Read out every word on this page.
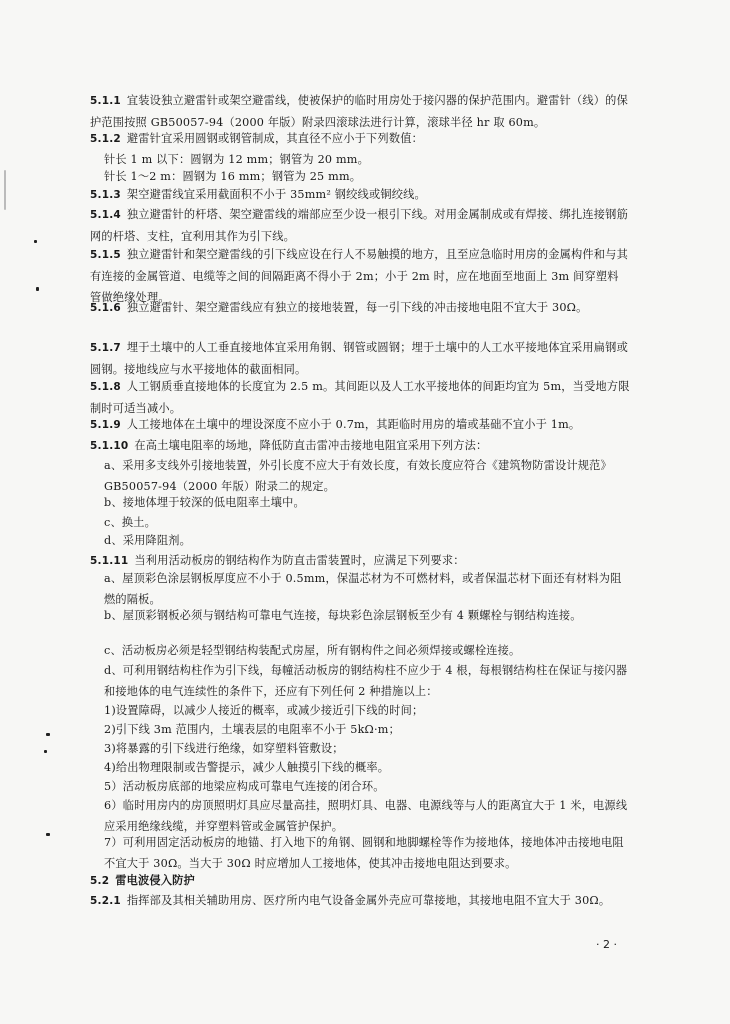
5.1.1 宜装设独立避雷针或架空避雷线，使被保护的临时用房处于接闪器的保护范围内。避雷针（线）的保护范围按照 GB50057-94（2000 年版）附录四滚球法进行计算，滚球半径 hr 取 60m。
5.1.2 避雷针宜采用圆钢或钢管制成，其直径不应小于下列数值：
针长 1 m 以下：圆钢为 12 mm；钢管为 20 mm。
针长 1～2 m：圆钢为 16 mm；钢管为 25 mm。
5.1.3 架空避雷线宜采用截面积不小于 35mm² 钢绞线或铜绞线。
5.1.4 独立避雷针的杆塔、架空避雷线的端部应至少设一根引下线。对用金属制成或有焊接、绑扎连接钢筋网的杆塔、支柱，宜利用其作为引下线。
5.1.5 独立避雷针和架空避雷线的引下线应设在行人不易触摸的地方，且至应急临时用房的金属构件和与其有连接的金属管道、电缆等之间的间隔距离不得小于 2m；小于 2m 时，应在地面至地面上 3m 间穿塑料管做绝缘处理。
5.1.6 独立避雷针、架空避雷线应有独立的接地装置，每一引下线的冲击接地电阻不宜大于 30Ω。
5.1.7 埋于土壤中的人工垂直接地体宜采用角钢、钢管或圆钢；埋于土壤中的人工水平接地体宜采用扁钢或圆钢。接地线应与水平接地体的截面相同。
5.1.8 人工钢质垂直接地体的长度宜为 2.5 m。其间距以及人工水平接地体的间距均宜为 5m，当受地方限制时可适当减小。
5.1.9 人工接地体在土壤中的埋设深度不应小于 0.7m，其距临时用房的墙或基础不宜小于 1m。
5.1.10 在高土壤电阻率的场地，降低防直击雷冲击接地电阻宜采用下列方法：
a、采用多支线外引接地装置，外引长度不应大于有效长度，有效长度应符合《建筑物防雷设计规范》GB50057-94（2000 年版）附录二的规定。
b、接地体埋于较深的低电阻率土壤中。
c、换土。
d、采用降阻剂。
5.1.11 当利用活动板房的钢结构作为防直击雷装置时，应满足下列要求：
a、屋顶彩色涂层钢板厚度应不小于 0.5mm，保温芯材为不可燃材料，或者保温芯材下面还有材料为阻燃的隔板。
b、屋顶彩钢板必须与钢结构可靠电气连接，每块彩色涂层钢板至少有 4 颗螺栓与钢结构连接。
c、活动板房必须是轻型钢结构装配式房屋，所有钢构件之间必须焊接或螺栓连接。
d、可利用钢结构柱作为引下线，每幢活动板房的钢结构柱不应少于 4 根，每根钢结构柱在保证与接闪器和接地体的电气连续性的条件下，还应有下列任何 2 种措施以上：
1)设置障碍，以减少人接近的概率，或减少接近引下线的时间；
2)引下线 3m 范围内，土壤表层的电阻率不小于 5kΩ·m；
3)将暴露的引下线进行绝缘，如穿塑料管敷设；
4)给出物理限制或告警提示，减少人触摸引下线的概率。
5）活动板房底部的地梁应构成可靠电气连接的闭合环。
6）临时用房内的房顶照明灯具应尽量高挂，照明灯具、电器、电源线等与人的距离宜大于 1 米，电源线应采用绝缘线缆，并穿塑料管或金属管护保护。
7）可利用固定活动板房的地锚、打入地下的角钢、圆钢和地脚螺栓等作为接地体，接地体冲击接地电阻不宜大于 30Ω。当大于 30Ω 时应增加人工接地体，使其冲击接地电阻达到要求。
5.2 雷电波侵入防护
5.2.1 指挥部及其相关辅助用房、医疗所内电气设备金属外壳应可靠接地，其接地电阻不宜大于 30Ω。
· 2 ·
